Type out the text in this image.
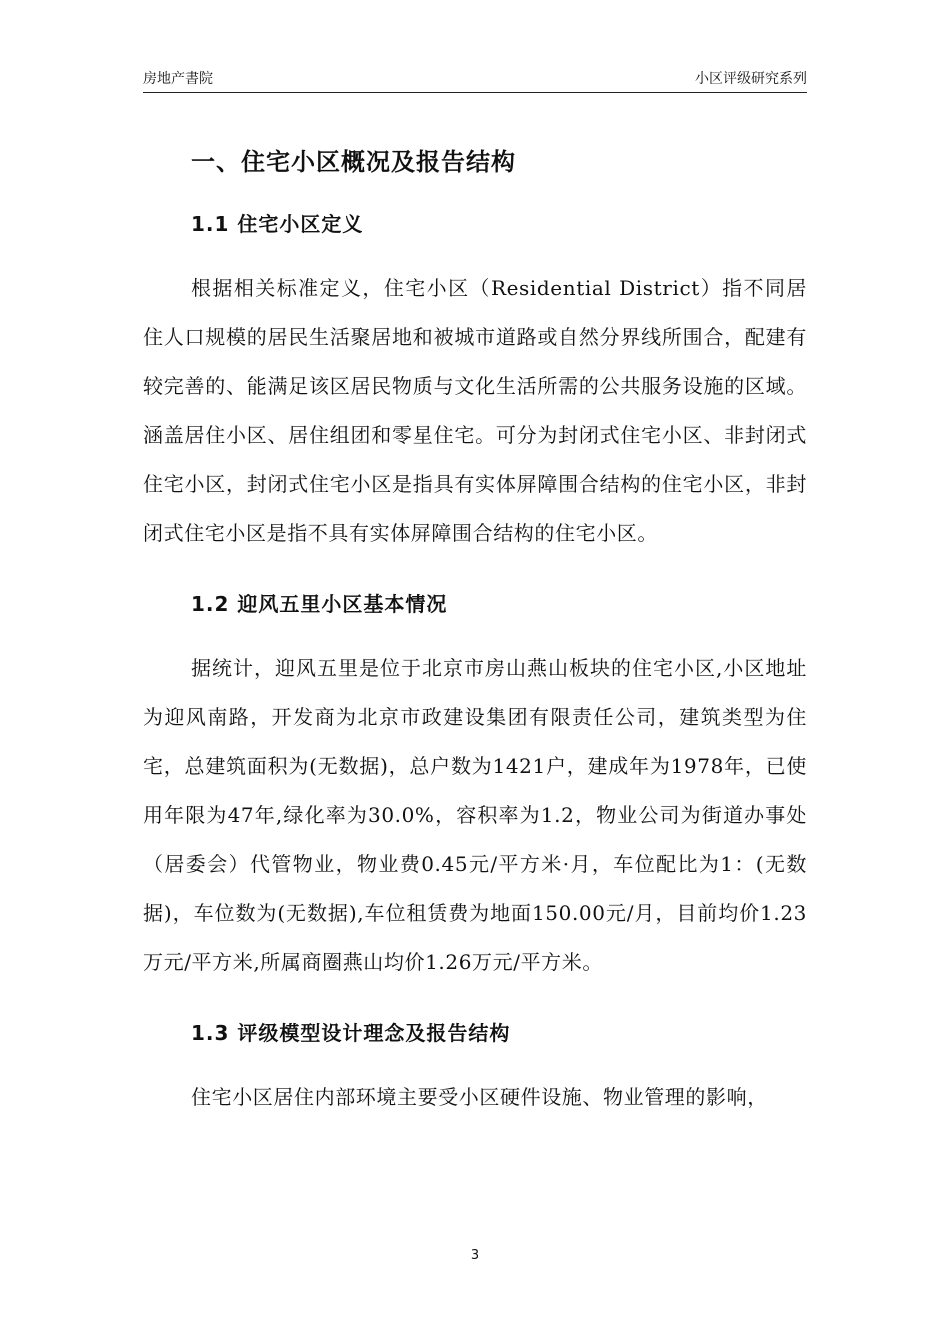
房地产書院	小区评级研究系列
一、住宅小区概况及报告结构
1.1 住宅小区定义

根据相关标准定义，住宅小区（Residential District）指不同居住人口规模的居民生活聚居地和被城市道路或自然分界线所围合，配建有较完善的、能满足该区居民物质与文化生活所需的公共服务设施的区域。涵盖居住小区、居住组团和零星住宅。可分为封闭式住宅小区、非封闭式住宅小区，封闭式住宅小区是指具有实体屏障围合结构的住宅小区，非封闭式住宅小区是指不具有实体屏障围合结构的住宅小区。

1.2 迎风五里小区基本情况

据统计，迎风五里是位于北京市房山燕山板块的住宅小区,小区地址为迎风南路，开发商为北京市政建设集团有限责任公司，建筑类型为住宅，总建筑面积为(无数据)，总户数为1421户，建成年为1978年，已使用年限为47年,绿化率为30.0%，容积率为1.2，物业公司为街道办事处（居委会）代管物业，物业费0.45元/平方米·月，车位配比为1：(无数据)，车位数为(无数据),车位租赁费为地面150.00元/月，目前均价1.23万元/平方米,所属商圈燕山均价1.26万元/平方米。

1.3 评级模型设计理念及报告结构

住宅小区居住内部环境主要受小区硬件设施、物业管理的影响，

3
